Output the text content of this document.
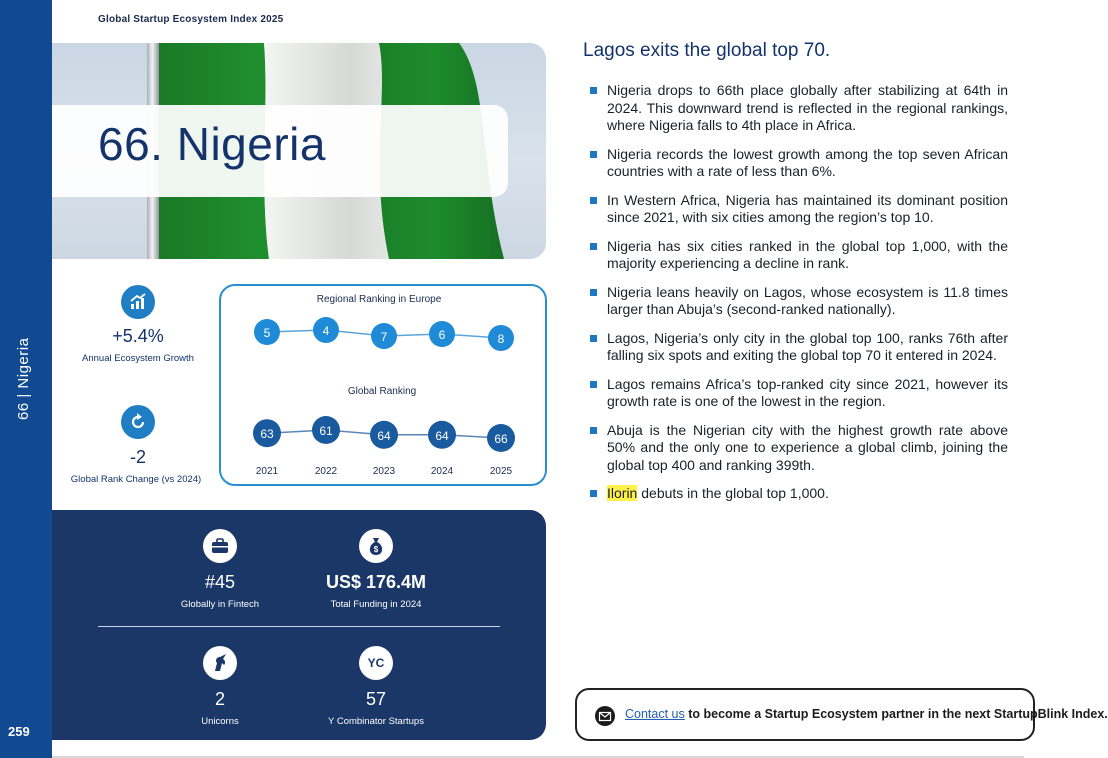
66 | Nigeria
259
Global Startup Ecosystem Index 2025
66. Nigeria
+5.4%
Annual Ecosystem Growth
-2
Global Rank Change (vs 2024)
Regional Ranking in Europe
Global Ranking
5	4	7	6	8
63	61	64	64	66
2021	2022	2023	2024	2025
#45
Globally in Fintech
$
US$ 176.4M
Total Funding in 2024
2
Unicorns
YC
57
Y Combinator Startups
Lagos exits the global top 70.
Nigeria drops to 66th place globally after stabilizing at 64th in 2024. This downward trend is reflected in the regional rankings, where Nigeria falls to 4th place in Africa.
Nigeria records the lowest growth among the top seven African countries with a rate of less than 6%.
In Western Africa, Nigeria has maintained its dominant position since 2021, with six cities among the region’s top 10.
Nigeria has six cities ranked in the global top 1,000, with the majority experiencing a decline in rank.
Nigeria leans heavily on Lagos, whose ecosystem is 11.8 times larger than Abuja’s (second-ranked nationally).
Lagos, Nigeria’s only city in the global top 100, ranks 76th after falling six spots and exiting the global top 70 it entered in 2024.
Lagos remains Africa’s top-ranked city since 2021, however its growth rate is one of the lowest in the region.
Abuja is the Nigerian city with the highest growth rate above 50% and the only one to experience a global climb, joining the global top 400 and ranking 399th.
Ilorin debuts in the global top 1,000.
Contact us to become a Startup Ecosystem partner in the next StartupBlink Index.
